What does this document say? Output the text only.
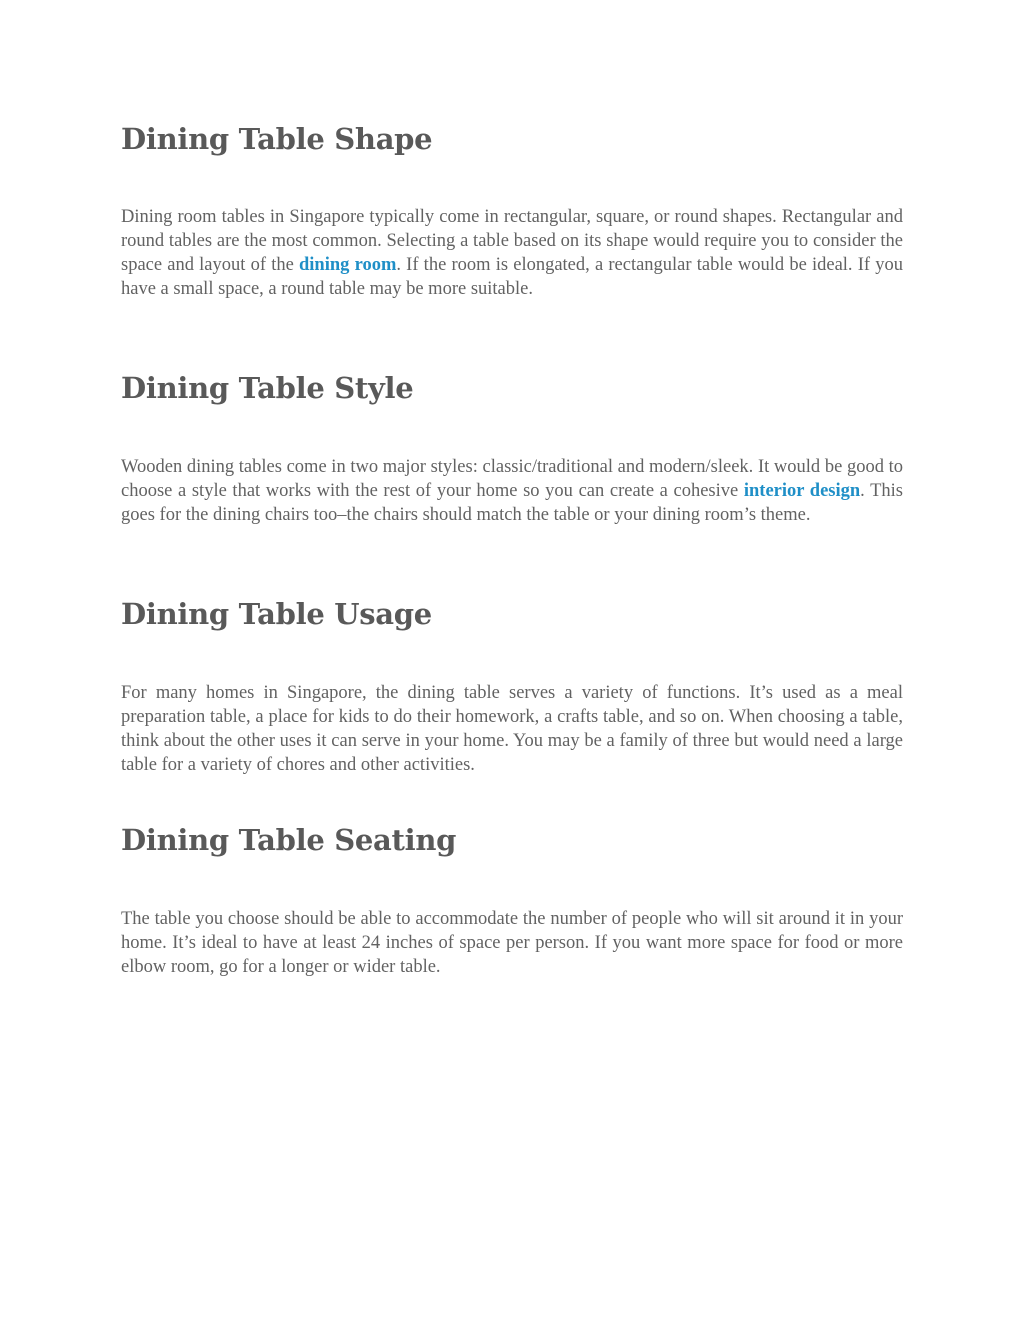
Dining Table Shape

Dining room tables in Singapore typically come in rectangular, square, or round shapes. Rectangular and round tables are the most common. Selecting a table based on its shape would require you to consider the space and layout of the dining room. If the room is elongated, a rectangular table would be ideal. If you have a small space, a round table may be more suitable.

Dining Table Style

Wooden dining tables come in two major styles: classic/traditional and modern/sleek. It would be good to choose a style that works with the rest of your home so you can create a cohesive interior design. This goes for the dining chairs too–the chairs should match the table or your dining room’s theme.

Dining Table Usage

For many homes in Singapore, the dining table serves a variety of functions. It’s used as a meal preparation table, a place for kids to do their homework, a crafts table, and so on. When choosing a table, think about the other uses it can serve in your home. You may be a family of three but would need a large table for a variety of chores and other activities.

Dining Table Seating

The table you choose should be able to accommodate the number of people who will sit around it in your home. It’s ideal to have at least 24 inches of space per person. If you want more space for food or more elbow room, go for a longer or wider table.
